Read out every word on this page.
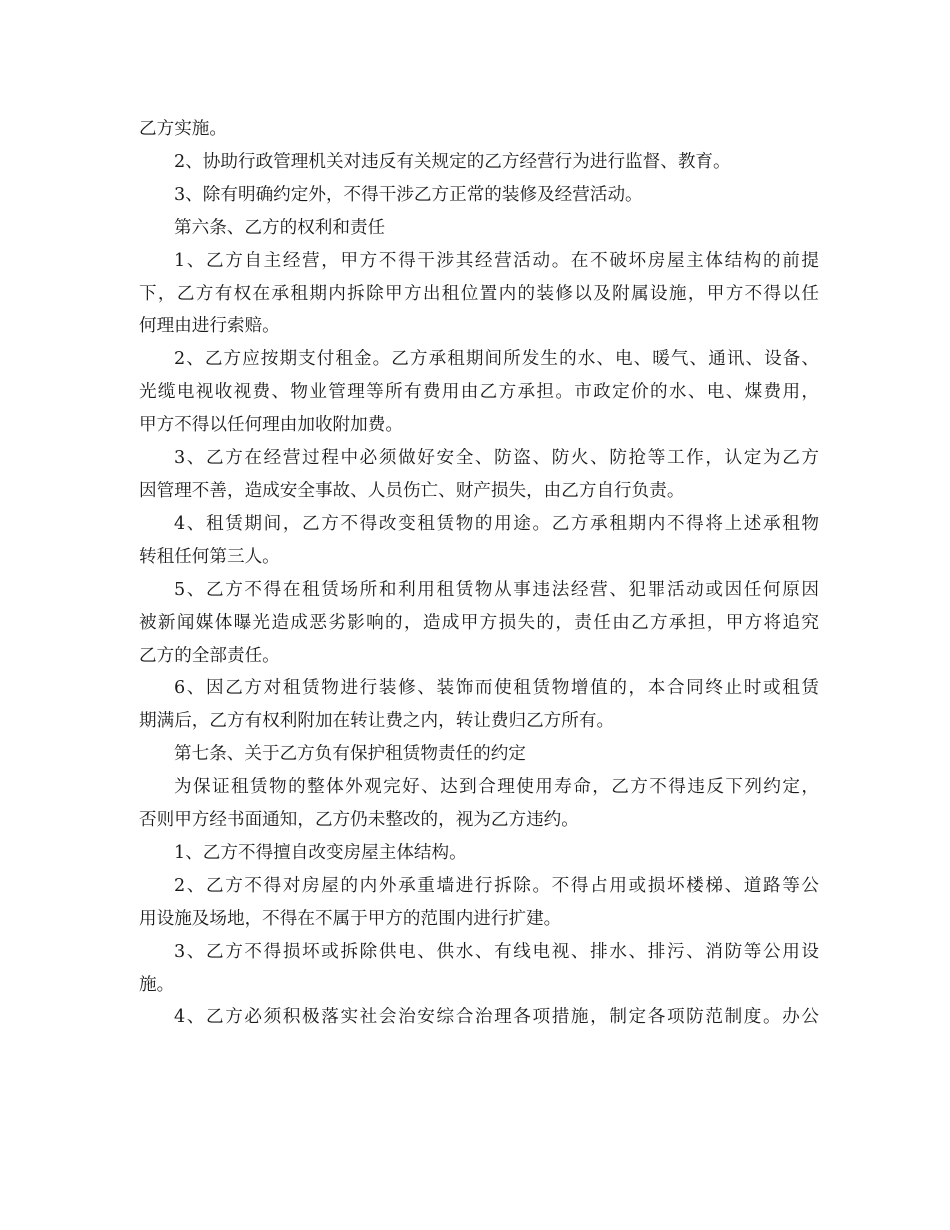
乙方实施。
2、协助行政管理机关对违反有关规定的乙方经营行为进行监督、教育。
3、除有明确约定外，不得干涉乙方正常的装修及经营活动。
第六条、乙方的权利和责任
1、乙方自主经营，甲方不得干涉其经营活动。在不破坏房屋主体结构的前提
下，乙方有权在承租期内拆除甲方出租位置内的装修以及附属设施，甲方不得以任
何理由进行索赔。
2、乙方应按期支付租金。乙方承租期间所发生的水、电、暖气、通讯、设备、
光缆电视收视费、物业管理等所有费用由乙方承担。市政定价的水、电、煤费用，
甲方不得以任何理由加收附加费。
3、乙方在经营过程中必须做好安全、防盗、防火、防抢等工作，认定为乙方
因管理不善，造成安全事故、人员伤亡、财产损失，由乙方自行负责。
4、租赁期间，乙方不得改变租赁物的用途。乙方承租期内不得将上述承租物
转租任何第三人。
5、乙方不得在租赁场所和利用租赁物从事违法经营、犯罪活动或因任何原因
被新闻媒体曝光造成恶劣影响的，造成甲方损失的，责任由乙方承担，甲方将追究
乙方的全部责任。
6、因乙方对租赁物进行装修、装饰而使租赁物增值的，本合同终止时或租赁
期满后，乙方有权利附加在转让费之内，转让费归乙方所有。
第七条、关于乙方负有保护租赁物责任的约定
为保证租赁物的整体外观完好、达到合理使用寿命，乙方不得违反下列约定，
否则甲方经书面通知，乙方仍未整改的，视为乙方违约。
1、乙方不得擅自改变房屋主体结构。
2、乙方不得对房屋的内外承重墙进行拆除。不得占用或损坏楼梯、道路等公
用设施及场地，不得在不属于甲方的范围内进行扩建。
3、乙方不得损坏或拆除供电、供水、有线电视、排水、排污、消防等公用设
施。
4、乙方必须积极落实社会治安综合治理各项措施，制定各项防范制度。办公
